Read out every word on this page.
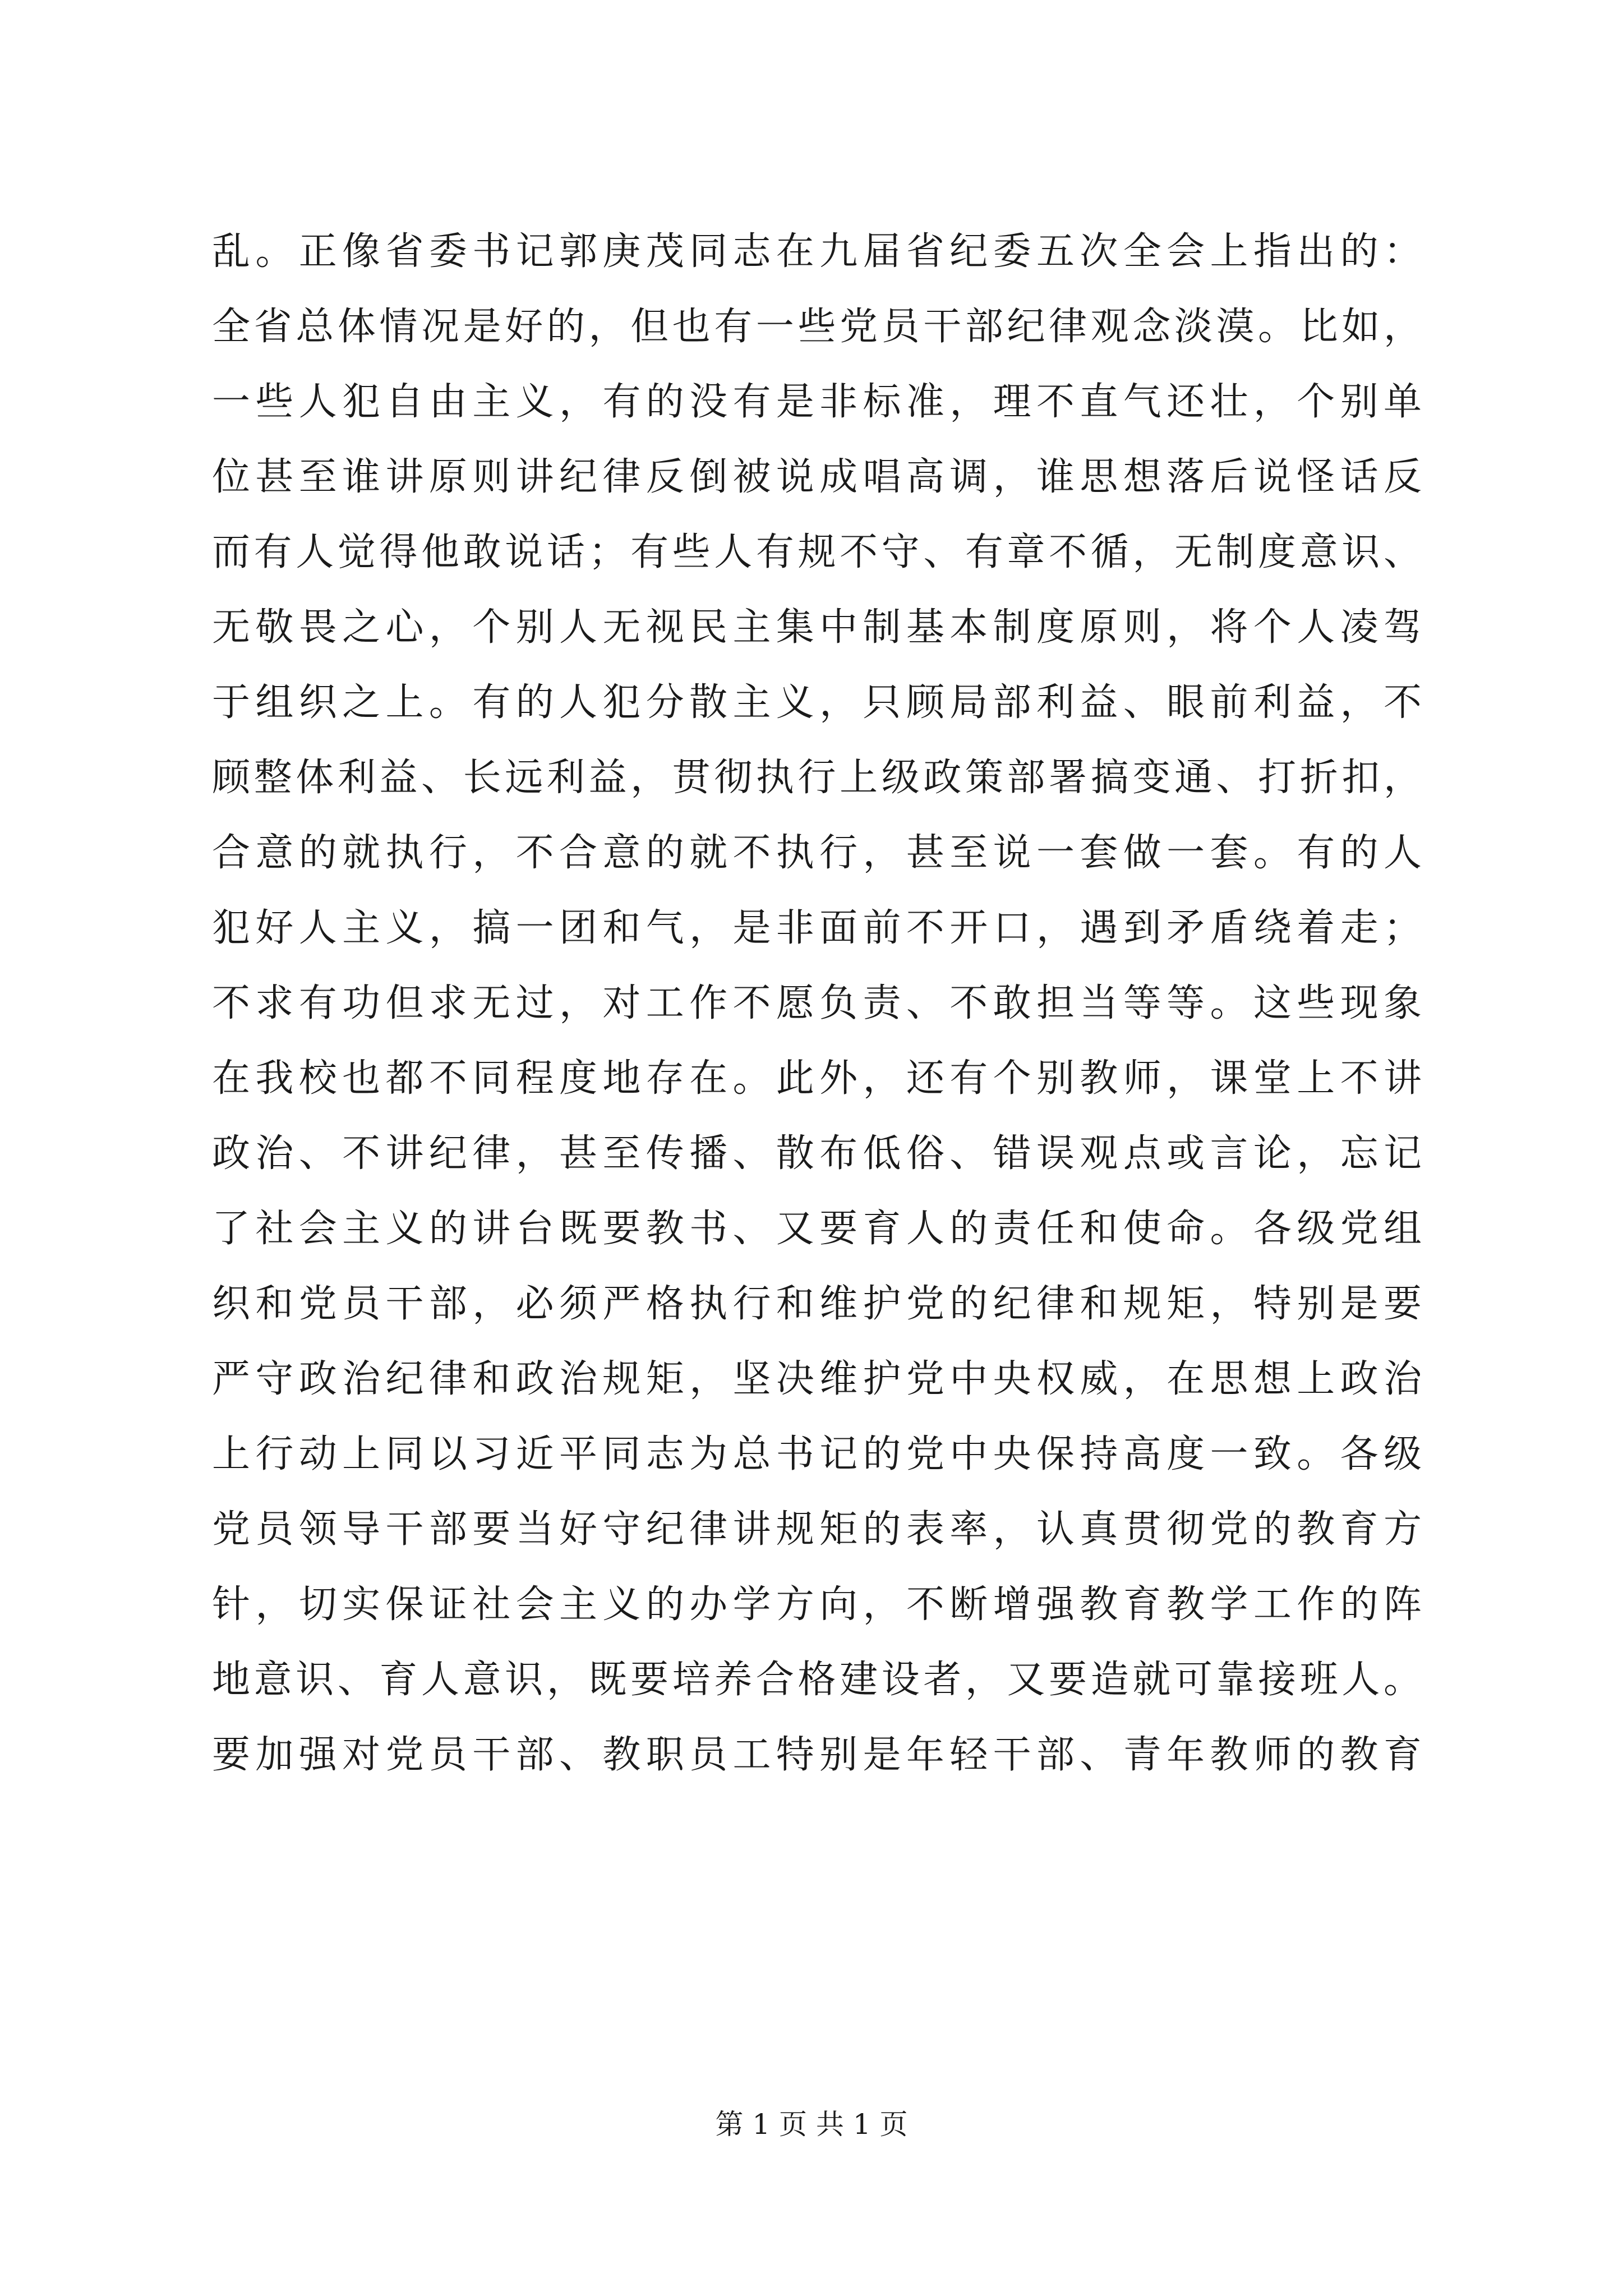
乱。正像省委书记郭庚茂同志在九届省纪委五次全会上指出的：
全省总体情况是好的，但也有一些党员干部纪律观念淡漠。比如，
一些人犯自由主义，有的没有是非标准，理不直气还壮，个别单
位甚至谁讲原则讲纪律反倒被说成唱高调，谁思想落后说怪话反
而有人觉得他敢说话；有些人有规不守、有章不循，无制度意识、
无敬畏之心，个别人无视民主集中制基本制度原则，将个人凌驾
于组织之上。有的人犯分散主义，只顾局部利益、眼前利益，不
顾整体利益、长远利益，贯彻执行上级政策部署搞变通、打折扣，
合意的就执行，不合意的就不执行，甚至说一套做一套。有的人
犯好人主义，搞一团和气，是非面前不开口，遇到矛盾绕着走；
不求有功但求无过，对工作不愿负责、不敢担当等等。这些现象
在我校也都不同程度地存在。此外，还有个别教师，课堂上不讲
政治、不讲纪律，甚至传播、散布低俗、错误观点或言论，忘记
了社会主义的讲台既要教书、又要育人的责任和使命。各级党组
织和党员干部，必须严格执行和维护党的纪律和规矩，特别是要
严守政治纪律和政治规矩，坚决维护党中央权威，在思想上政治
上行动上同以习近平同志为总书记的党中央保持高度一致。各级
党员领导干部要当好守纪律讲规矩的表率，认真贯彻党的教育方
针，切实保证社会主义的办学方向，不断增强教育教学工作的阵
地意识、育人意识，既要培养合格建设者，又要造就可靠接班人。
要加强对党员干部、教职员工特别是年轻干部、青年教师的教育
第 1 页 共 1 页
